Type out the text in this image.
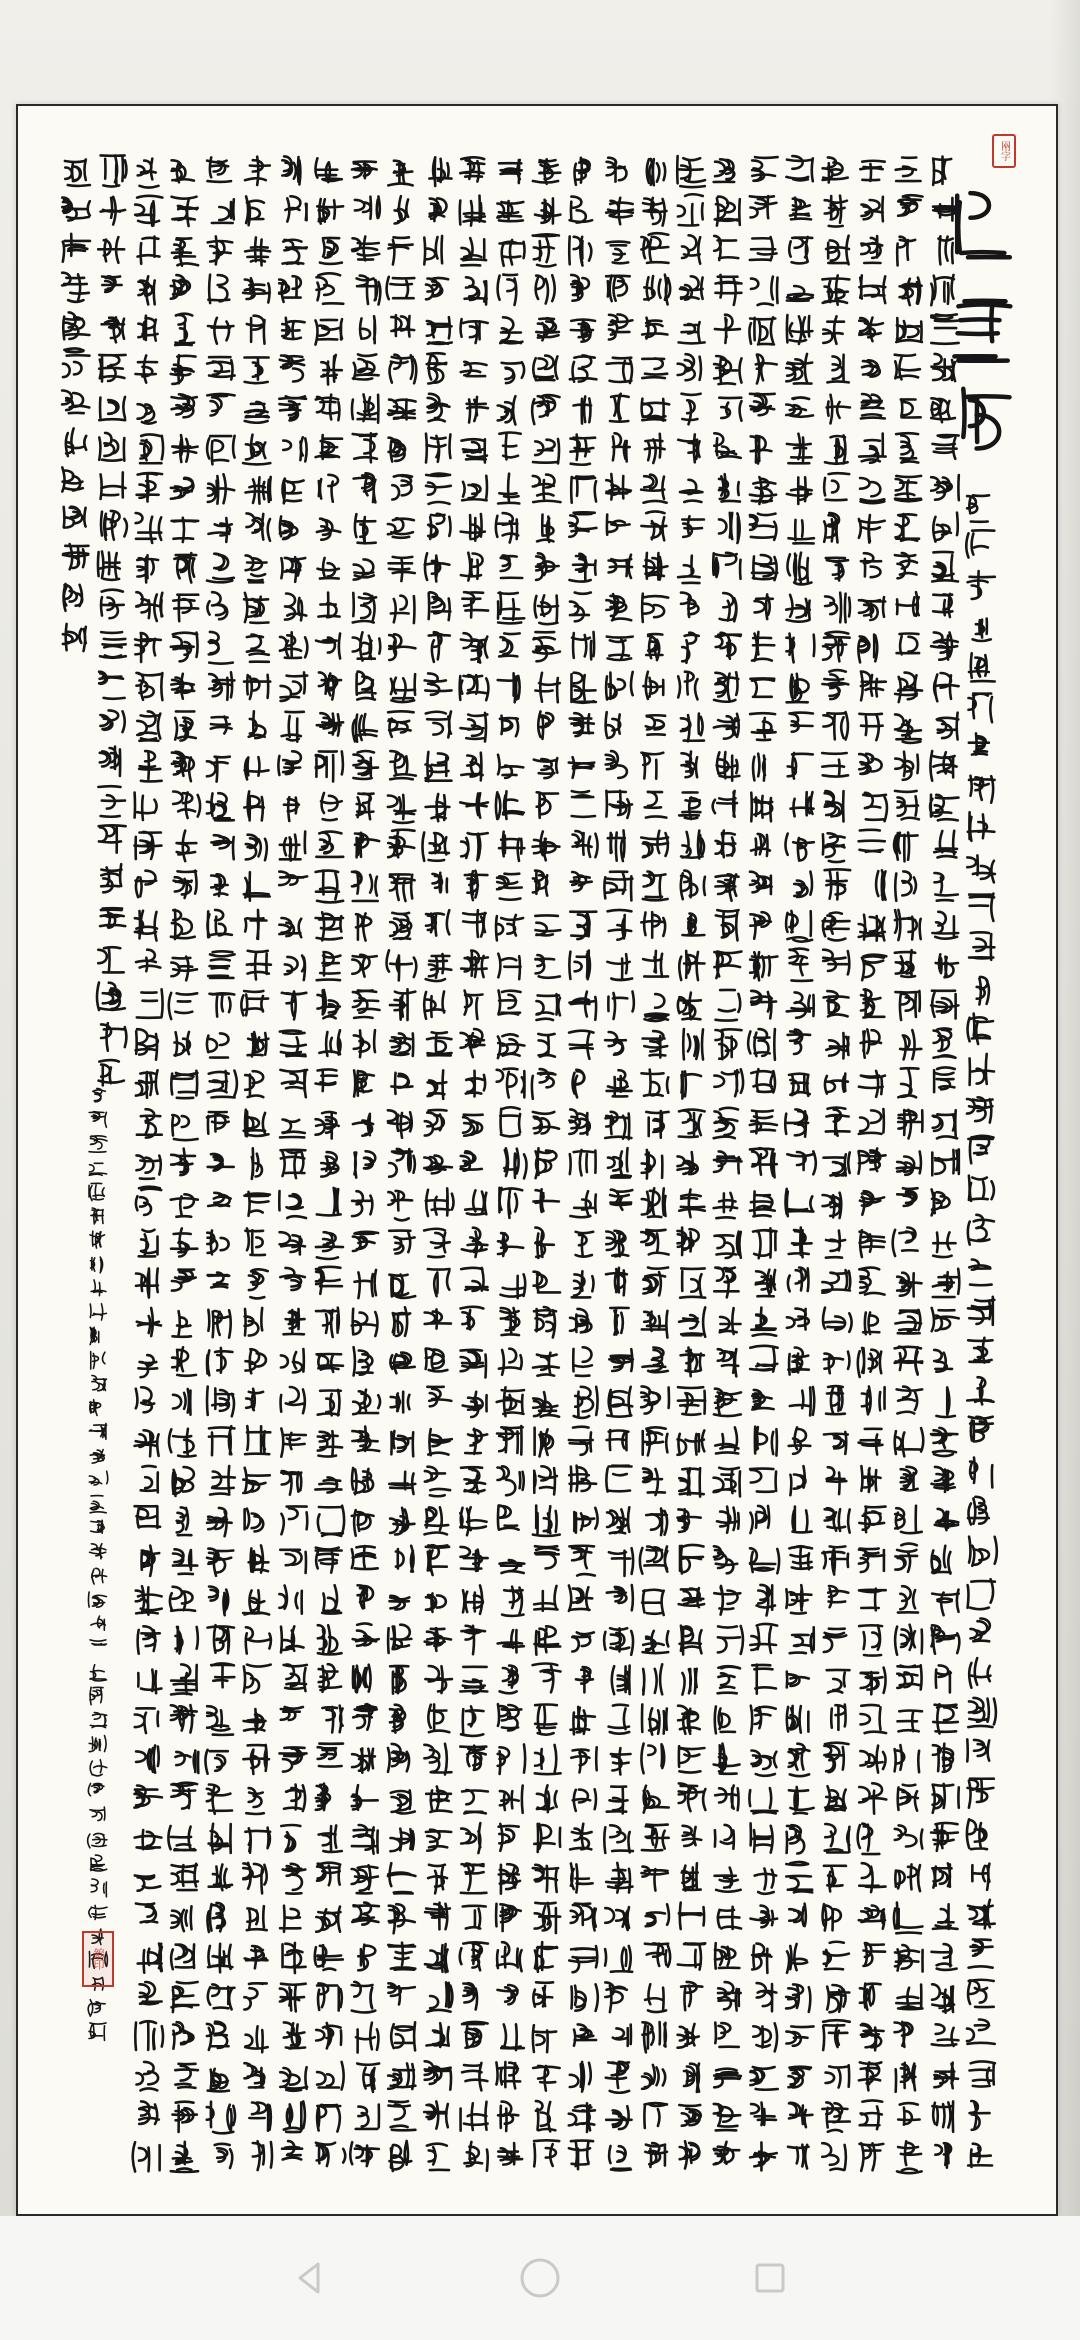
㒳字
錦印
